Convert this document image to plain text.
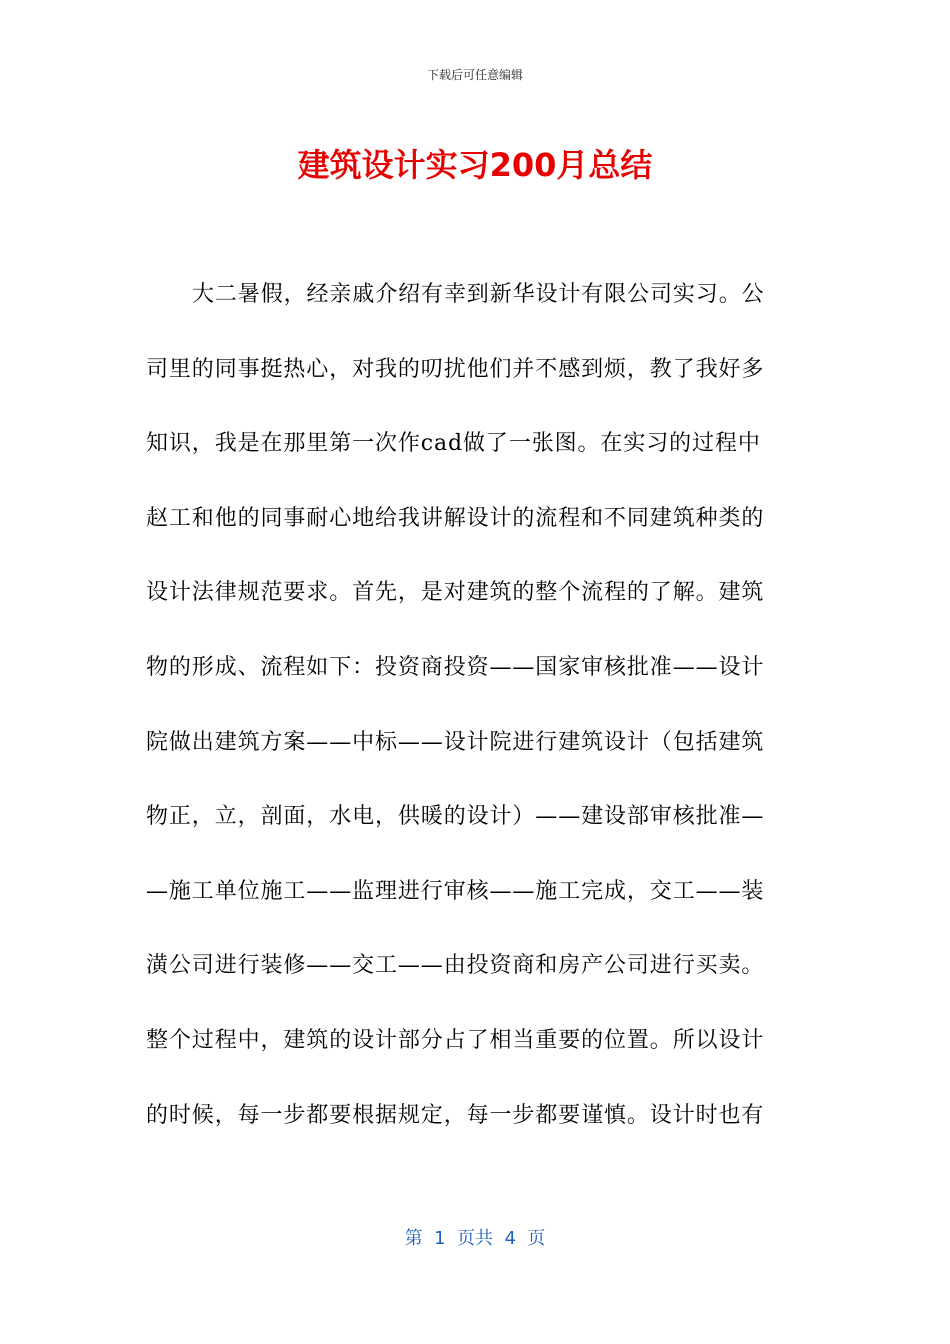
下载后可任意编辑
建筑设计实习200月总结
大二暑假，经亲戚介绍有幸到新华设计有限公司实习。公
司里的同事挺热心，对我的叨扰他们并不感到烦，教了我好多
知识，我是在那里第一次作cad做了一张图。在实习的过程中
赵工和他的同事耐心地给我讲解设计的流程和不同建筑种类的
设计法律规范要求。首先，是对建筑的整个流程的了解。建筑
物的形成、流程如下：投资商投资——国家审核批准——设计
院做出建筑方案——中标——设计院进行建筑设计（包括建筑
物正，立，剖面，水电，供暖的设计）——建设部审核批准—
—施工单位施工——监理进行审核——施工完成，交工——装
潢公司进行装修——交工——由投资商和房产公司进行买卖。
整个过程中，建筑的设计部分占了相当重要的位置。所以设计
的时候，每一步都要根据规定，每一步都要谨慎。设计时也有
第  1  页共  4  页
